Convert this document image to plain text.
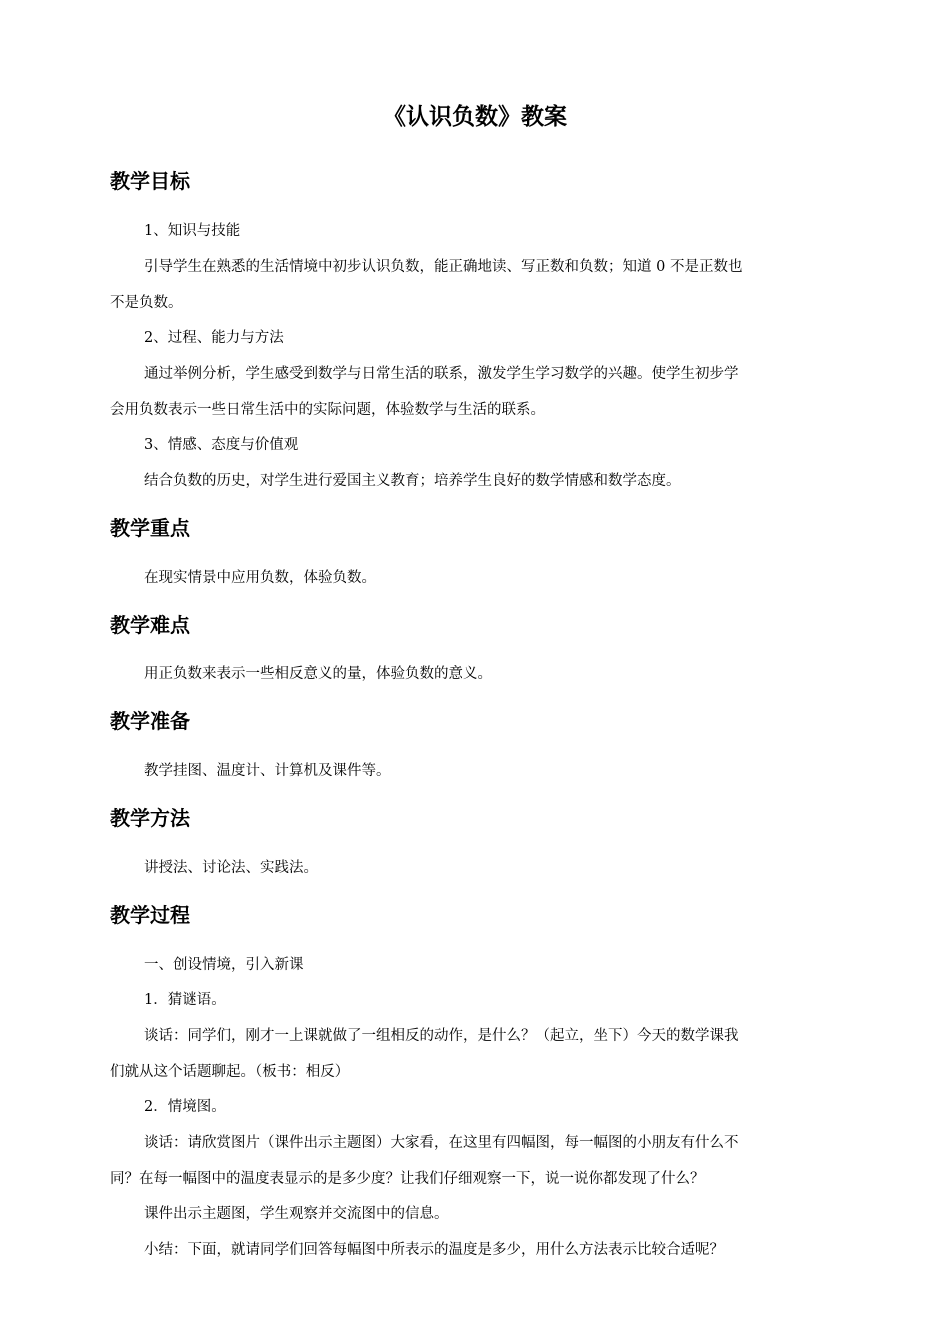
《认识负数》教案
教学目标
1、知识与技能
引导学生在熟悉的生活情境中初步认识负数，能正确地读、写正数和负数；知道 0 不是正数也
不是负数。
2、过程、能力与方法
通过举例分析，学生感受到数学与日常生活的联系，激发学生学习数学的兴趣。使学生初步学
会用负数表示一些日常生活中的实际问题，体验数学与生活的联系。
3、情感、态度与价值观
结合负数的历史，对学生进行爱国主义教育；培养学生良好的数学情感和数学态度。
教学重点
在现实情景中应用负数，体验负数。
教学难点
用正负数来表示一些相反意义的量，体验负数的意义。
教学准备
教学挂图、温度计、计算机及课件等。
教学方法
讲授法、讨论法、实践法。
教学过程
一、创设情境，引入新课
1．猜谜语。
谈话：同学们，刚才一上课就做了一组相反的动作，是什么？（起立，坐下）今天的数学课我
们就从这个话题聊起。（板书：相反）
2．情境图。
谈话：请欣赏图片（课件出示主题图）大家看，在这里有四幅图，每一幅图的小朋友有什么不
同？在每一幅图中的温度表显示的是多少度？让我们仔细观察一下，说一说你都发现了什么？
课件出示主题图，学生观察并交流图中的信息。
小结：下面，就请同学们回答每幅图中所表示的温度是多少，用什么方法表示比较合适呢？
